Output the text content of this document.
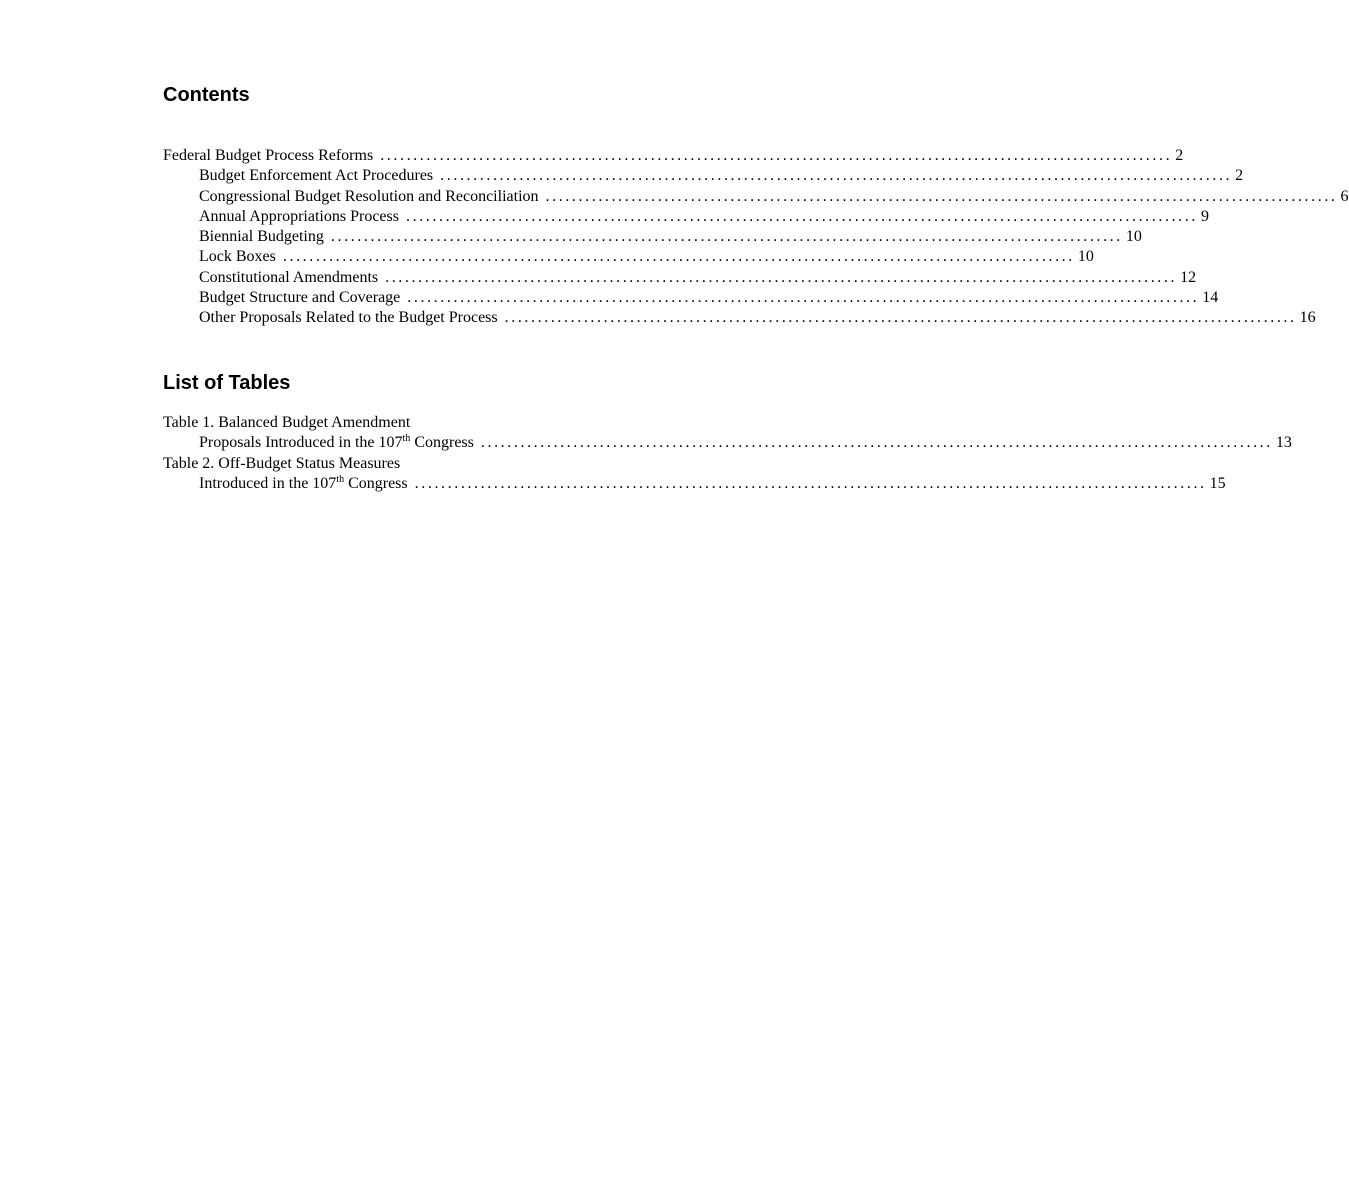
Contents
Federal Budget Process Reforms ........................................................................................................................ 2
Budget Enforcement Act Procedures ........................................................................................................................ 2
Congressional Budget Resolution and Reconciliation ........................................................................................................................ 6
Annual Appropriations Process ........................................................................................................................ 9
Biennial Budgeting ........................................................................................................................ 10
Lock Boxes ........................................................................................................................ 10
Constitutional Amendments ........................................................................................................................ 12
Budget Structure and Coverage ........................................................................................................................ 14
Other Proposals Related to the Budget Process ........................................................................................................................ 16
List of Tables
Table 1. Balanced Budget Amendment
Proposals Introduced in the 107th Congress ........................................................................................................................ 13
Table 2. Off-Budget Status Measures
Introduced in the 107th Congress ........................................................................................................................ 15
